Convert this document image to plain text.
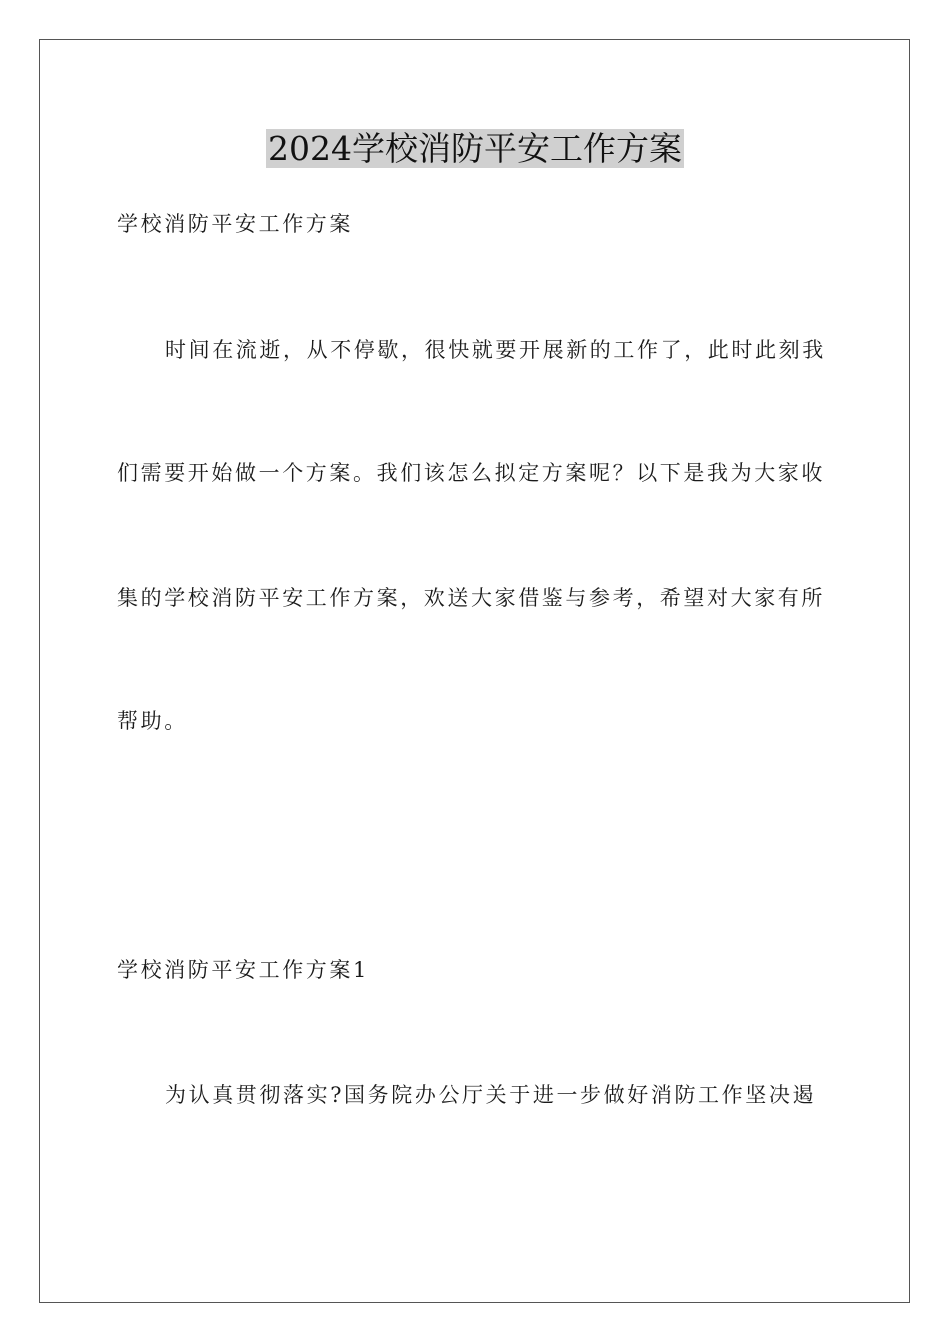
2024学校消防平安工作方案
学校消防平安工作方案
时间在流逝，从不停歇，很快就要开展新的工作了，此时此刻我
们需要开始做一个方案。我们该怎么拟定方案呢？以下是我为大家收
集的学校消防平安工作方案，欢送大家借鉴与参考，希望对大家有所
帮助。
学校消防平安工作方案1
为认真贯彻落实?国务院办公厅关于进一步做好消防工作坚决遏
